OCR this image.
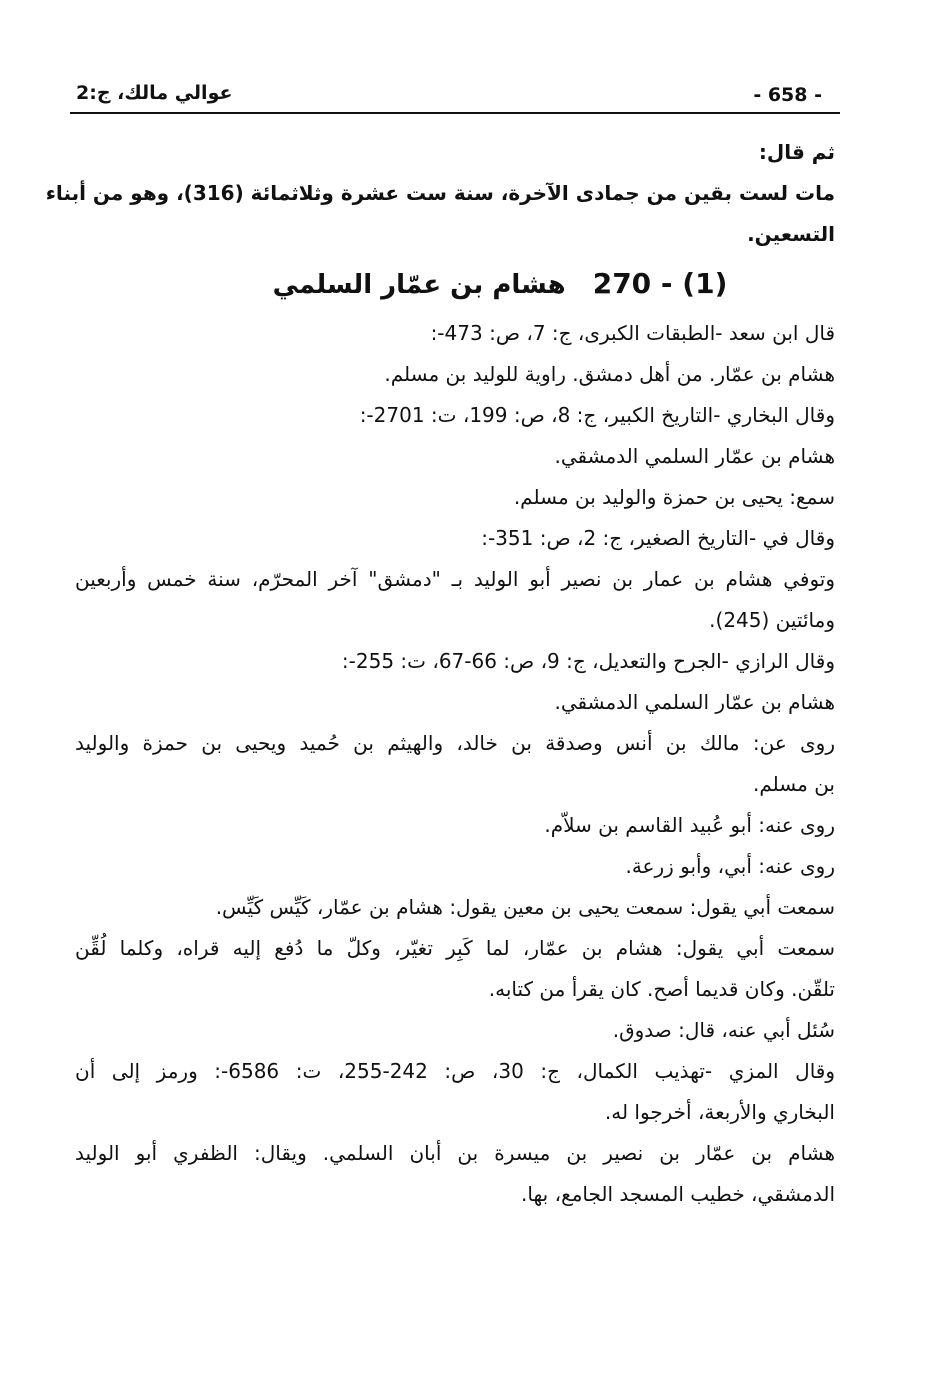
- 658 -
عوالي مالك، ج:2
ثم قال:
مات لست بقين من جمادى الآخرة، سنة ست عشرة وثلاثمائة (316)، وهو من أبناء
التسعين.
270 - (1) هشام بن عمّار السلمي
قال ابن سعد -الطبقات الكبرى، ج: 7، ص: 473-:
هشام بن عمّار. من أهل دمشق. راوية للوليد بن مسلم.
وقال البخاري -التاريخ الكبير، ج: 8، ص: 199، ت: 2701-:
هشام بن عمّار السلمي الدمشقي.
سمع: يحيى بن حمزة والوليد بن مسلم.
وقال في -التاريخ الصغير، ج: 2، ص: 351-:
وتوفي هشام بن عمار بن نصير أبو الوليد بـ "دمشق" آخر المحرّم، سنة خمس وأربعين
ومائتين (245).
وقال الرازي -الجرح والتعديل، ج: 9، ص: 66-67، ت: 255-:
هشام بن عمّار السلمي الدمشقي.
روى عن: مالك بن أنس وصدقة بن خالد، والهيثم بن حُميد ويحيى بن حمزة والوليد
بن مسلم.
روى عنه: أبو عُبيد القاسم بن سلاّم.
روى عنه: أبي، وأبو زرعة.
سمعت أبي يقول: سمعت يحيى بن معين يقول: هشام بن عمّار، كَيِّس كَيِّس.
سمعت أبي يقول: هشام بن عمّار، لما كَبِر تغيّر، وكلّ ما دُفع إليه قراه، وكلما لُقِّن
تلقّن. وكان قديما أصح. كان يقرأ من كتابه.
سُئل أبي عنه، قال: صدوق.
وقال المزي -تهذيب الكمال، ج: 30، ص: 242-255، ت: 6586-: ورمز إلى أن
البخاري والأربعة، أخرجوا له.
هشام بن عمّار بن نصير بن ميسرة بن أبان السلمي. ويقال: الظفري أبو الوليد
الدمشقي، خطيب المسجد الجامع، بها.
